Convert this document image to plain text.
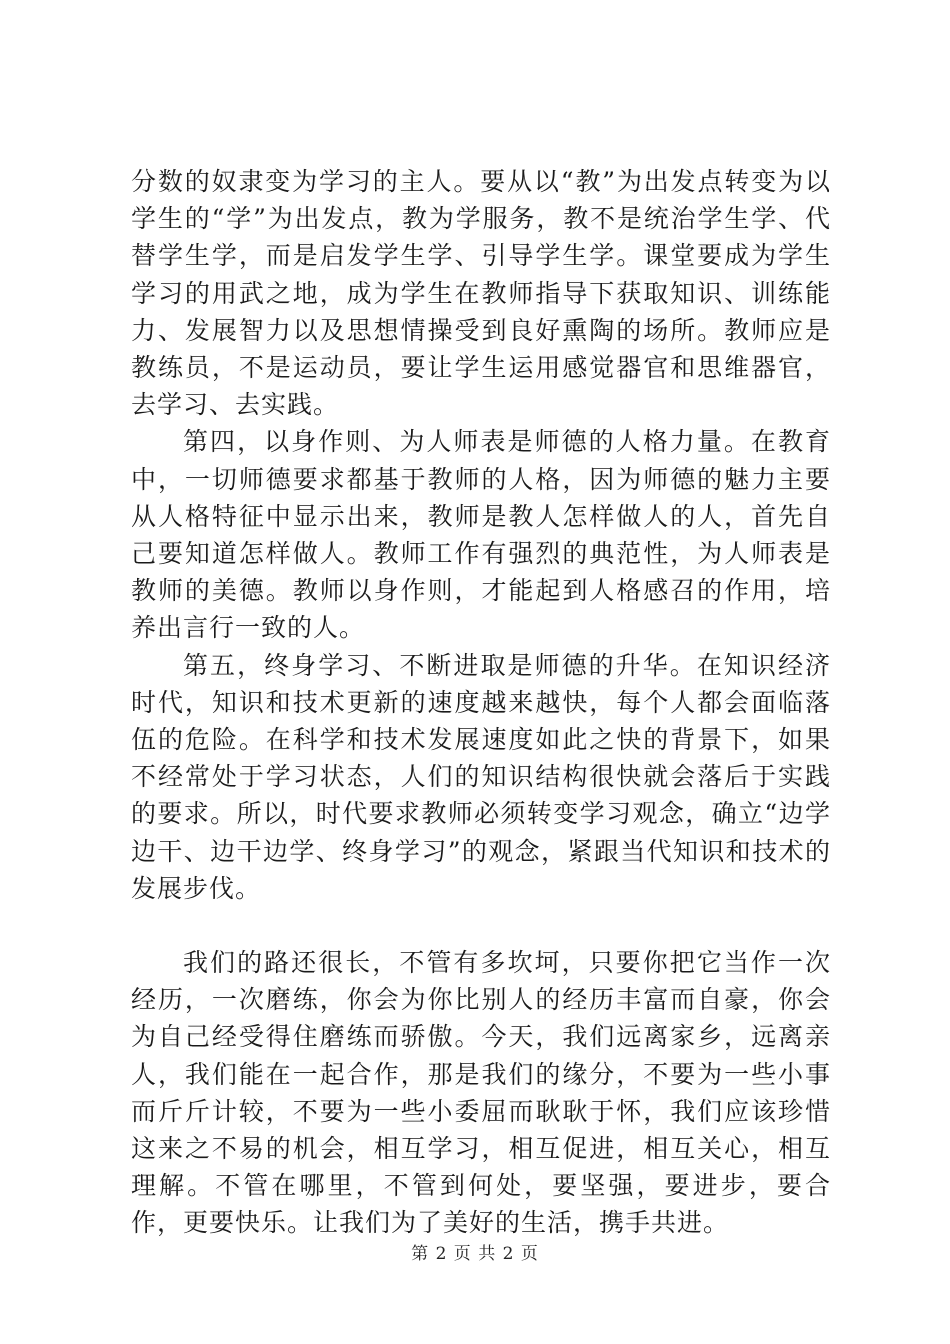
分数的奴隶变为学习的主人。要从以“教”为出发点转变为以学生的“学”为出发点，教为学服务，教不是统治学生学、代替学生学，而是启发学生学、引导学生学。课堂要成为学生学习的用武之地，成为学生在教师指导下获取知识、训练能力、发展智力以及思想情操受到良好熏陶的场所。教师应是教练员，不是运动员，要让学生运用感觉器官和思维器官，去学习、去实践。

第四，以身作则、为人师表是师德的人格力量。在教育中，一切师德要求都基于教师的人格，因为师德的魅力主要从人格特征中显示出来，教师是教人怎样做人的人，首先自己要知道怎样做人。教师工作有强烈的典范性，为人师表是教师的美德。教师以身作则，才能起到人格感召的作用，培养出言行一致的人。

第五，终身学习、不断进取是师德的升华。在知识经济时代，知识和技术更新的速度越来越快，每个人都会面临落伍的危险。在科学和技术发展速度如此之快的背景下，如果不经常处于学习状态，人们的知识结构很快就会落后于实践的要求。所以，时代要求教师必须转变学习观念，确立“边学边干、边干边学、终身学习”的观念，紧跟当代知识和技术的发展步伐。

我们的路还很长，不管有多坎坷，只要你把它当作一次经历，一次磨练，你会为你比别人的经历丰富而自豪，你会为自己经受得住磨练而骄傲。今天，我们远离家乡，远离亲人，我们能在一起合作，那是我们的缘分，不要为一些小事而斤斤计较，不要为一些小委屈而耿耿于怀，我们应该珍惜这来之不易的机会，相互学习，相互促进，相互关心，相互理解。不管在哪里，不管到何处，要坚强，要进步，要合作，更要快乐。让我们为了美好的生活，携手共进。

第 2 页 共 2 页
